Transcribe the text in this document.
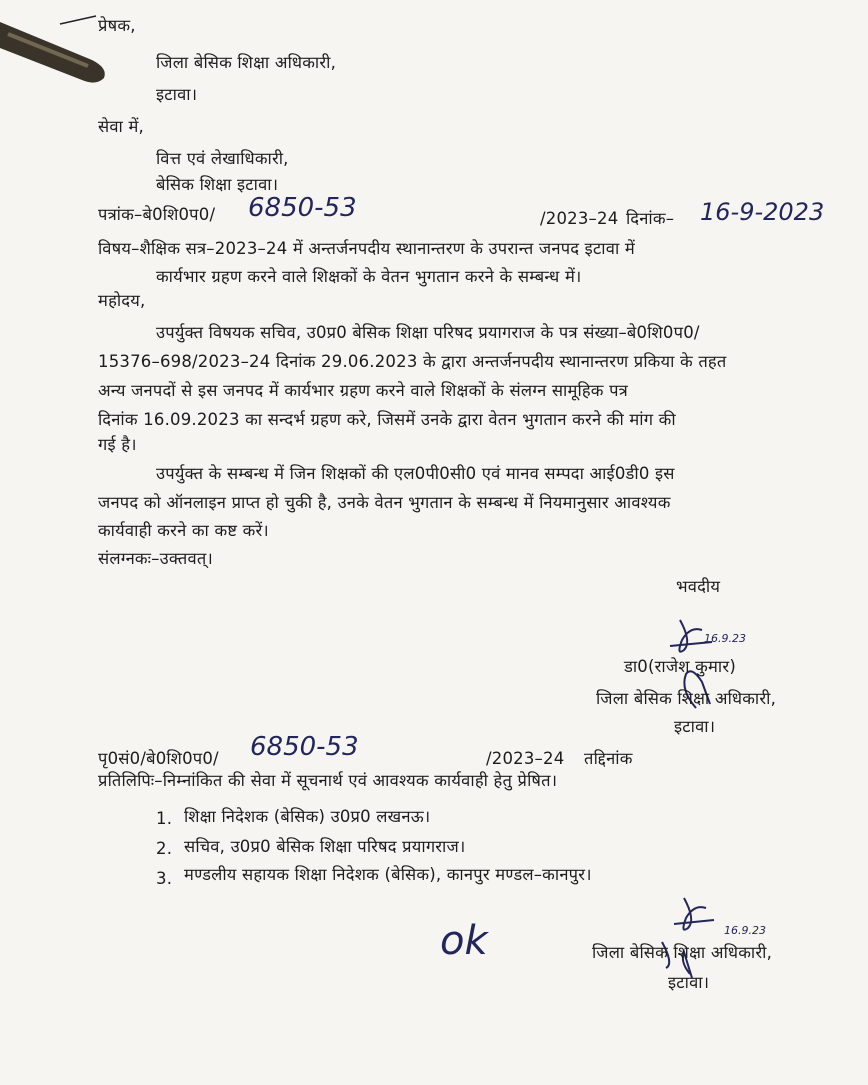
प्रेषक,
जिला बेसिक शिक्षा अधिकारी,
इटावा।
सेवा में,
वित्त एवं लेखाधिकारी,
बेसिक शिक्षा इटावा।
पत्रांक–बे0शि0प0/ 6850-53	/2023–24 दिनांक– 16-9-2023
विषय–शैक्षिक सत्र–2023–24 में अन्तर्जनपदीय स्थानान्तरण के उपरान्त जनपद इटावा में
कार्यभार ग्रहण करने वाले शिक्षकों के वेतन भुगतान करने के सम्बन्ध में।
महोदय,
उपर्युक्त विषयक सचिव, उ0प्र0 बेसिक शिक्षा परिषद प्रयागराज के पत्र संख्या–बे0शि0प0/
15376–698/2023–24 दिनांक 29.06.2023 के द्वारा अन्तर्जनपदीय स्थानान्तरण प्रकिया के तहत
अन्य जनपदों से इस जनपद में कार्यभार ग्रहण करने वाले शिक्षकों के संलग्न सामूहिक पत्र
दिनांक 16.09.2023 का सन्दर्भ ग्रहण करे, जिसमें उनके द्वारा वेतन भुगतान करने की मांग की
गई है।
उपर्युक्त के सम्बन्ध में जिन शिक्षकों की एल0पी0सी0 एवं मानव सम्पदा आई0डी0 इस
जनपद को ऑनलाइन प्राप्त हो चुकी है, उनके वेतन भुगतान के सम्बन्ध में नियमानुसार आवश्यक
कार्यवाही करने का कष्ट करें।
संलग्नकः–उक्तवत्।
भवदीय
16.9.23
डा0(राजेश कुमार)
जिला बेसिक शिक्षा अधिकारी,
इटावा।
पृ0सं0/बे0शि0प0/ 6850-53	/2023–24 तद्दिनांक
प्रतिलिपिः–निम्नांकित की सेवा में सूचनार्थ एवं आवश्यक कार्यवाही हेतु प्रेषित।
1. शिक्षा निदेशक (बेसिक) उ0प्र0 लखनऊ।
2. सचिव, उ0प्र0 बेसिक शिक्षा परिषद प्रयागराज।
3. मण्डलीय सहायक शिक्षा निदेशक (बेसिक), कानपुर मण्डल–कानपुर।
ok	16.9.23
जिला बेसिक शिक्षा अधिकारी,
इटावा।
